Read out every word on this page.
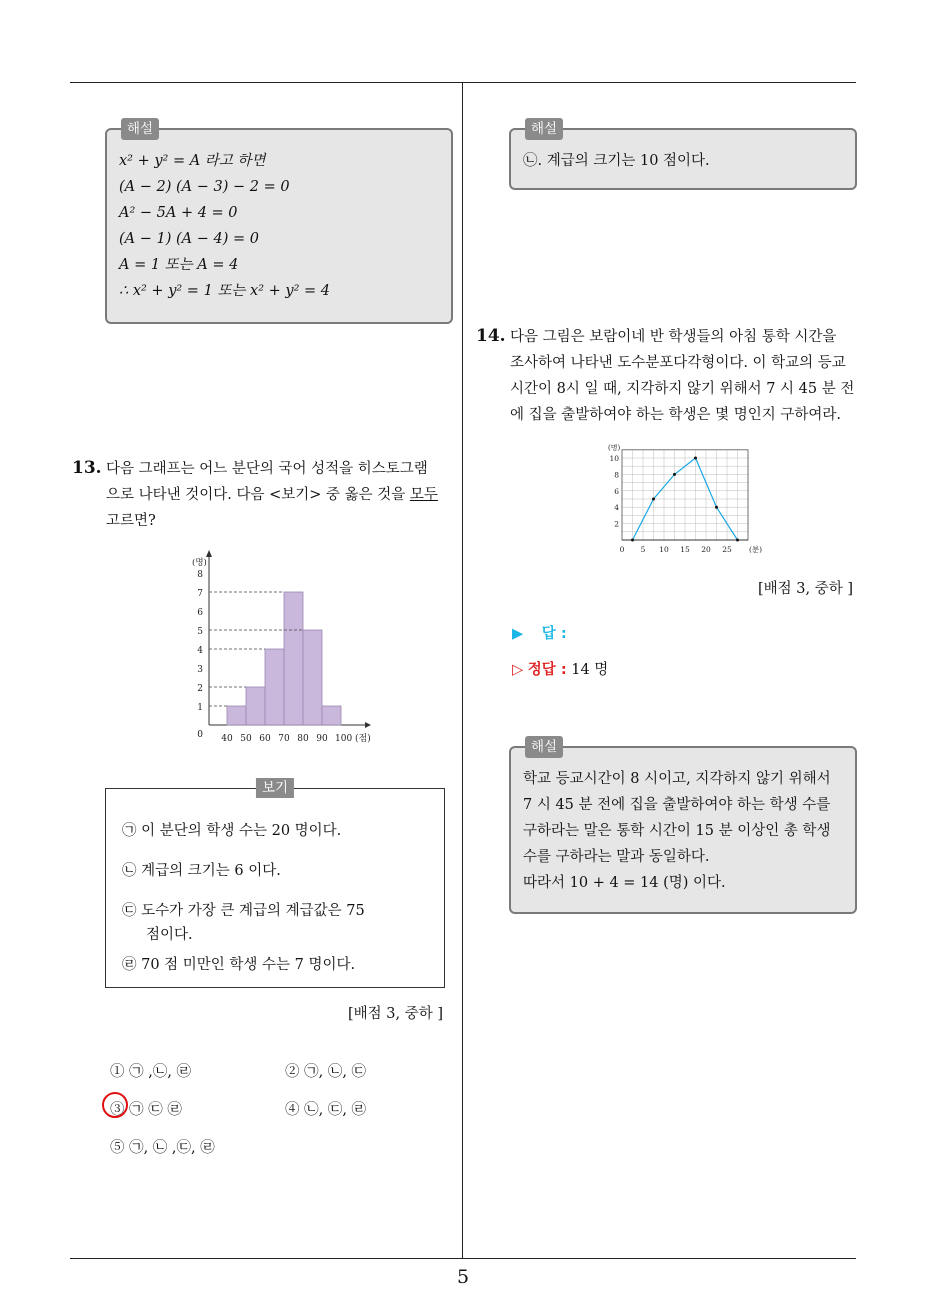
해설
x² + y² = A 라고 하면
(A − 2) (A − 3) − 2 = 0
A² − 5A + 4 = 0
(A − 1) (A − 4) = 0
A = 1 또는 A = 4
∴ x² + y² = 1 또는 x² + y² = 4
13. 다음 그래프는 어느 분단의 국어 성적을 히스토그램
으로 나타낸 것이다. 다음 <보기> 중 옳은 것을 모두
고르면?
1
2
3
4
5
6
7
8
(명)
0 40 50 60 70 80 90 100 (점)
보기
㉠ 이 분단의 학생 수는 20 명이다.
㉡ 계급의 크기는 6 이다.
㉢ 도수가 가장 큰 계급의 계급값은 75
점이다.
㉣ 70 점 미만인 학생 수는 7 명이다.
[배점 3, 중하 ]
① ㉠ ,㉡, ㉣	② ㉠, ㉡, ㉢
③ ㉠ ㉢ ㉣	④ ㉡, ㉢, ㉣
⑤ ㉠, ㉡ ,㉢, ㉣
해설
㉡. 계급의 크기는 10 점이다.
14. 다음 그림은 보람이네 반 학생들의 아침 통학 시간을
조사하여 나타낸 도수분포다각형이다. 이 학교의 등교
시간이 8시 일 때, 지각하지 않기 위해서 7 시 45 분 전
에 집을 출발하여야 하는 학생은 몇 명인지 구하여라.
2
4
6
8
10
(명)
0 5 10 15 20 25 (분)
[배점 3, 중하 ]
▶ 답 :
▷ 정답 : 14 명
해설
학교 등교시간이 8 시이고, 지각하지 않기 위해서
7 시 45 분 전에 집을 출발하여야 하는 학생 수를
구하라는 말은 통학 시간이 15 분 이상인 총 학생
수를 구하라는 말과 동일하다.
따라서 10 + 4 = 14 (명) 이다.
5
